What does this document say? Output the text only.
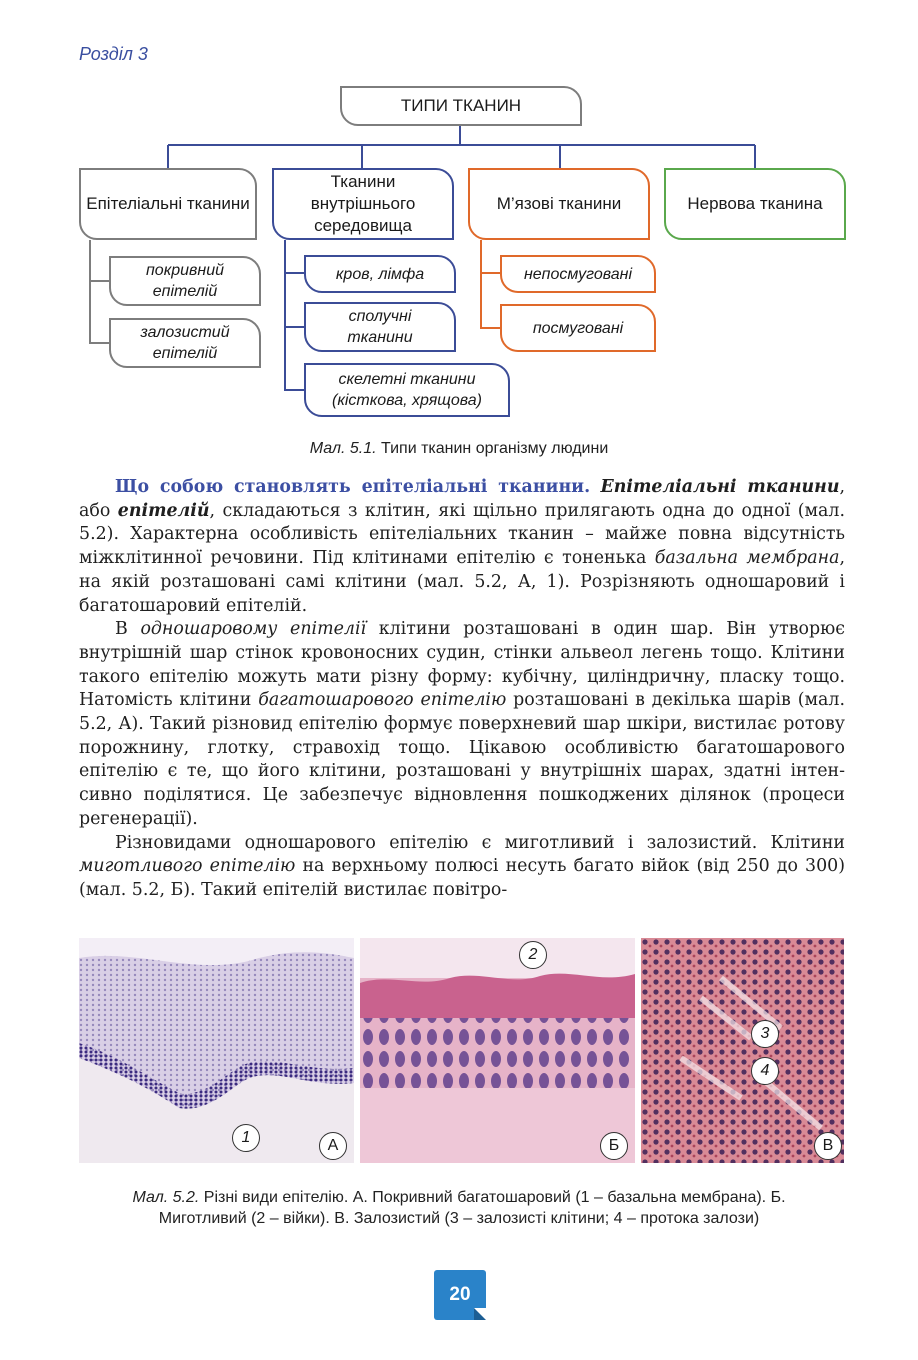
Розділ 3
ТИПИ ТКАНИН
Епітеліальні тканини
Тканини внутрішнього середовища
М’язові тканини	Нервова тканина
покривний епітелій
залозистий епітелій
кров, лімфа
сполучні тканини
скелетні тканини (кісткова, хрящова)
непосмуговані
посмуговані
Мал. 5.1. Типи тканин організму людини

Що собою становлять епітеліальні тканини. Епітеліальні тканини, або епітелій, складаються з клітин, які щільно прилягають одна до одної (мал. 5.2). Характерна особливість епітеліальних тканин – майже повна відсутність міжклітинної речовини. Під клітинами епітелію є тоненька базальна мембрана, на якій розташовані самі клітини (мал. 5.2, А, 1). Розрізняють одношаровий і багатошаровий епітелій.

В одношаровому епітелії клітини розташовані в один шар. Він утворює внутрішній шар стінок кровоносних судин, стінки альвеол легень тощо. Клітини такого епітелію можуть мати різну форму: кубічну, циліндричну, пласку тощо. Натомість клітини багатошарового епітелію розташовані в декілька шарів (мал. 5.2, А). Такий різновид епітелію формує поверхневий шар шкіри, вистилає ротову порожнину, глотку, стравохід тощо. Цікавою особливістю багатошарового епітелію є те, що його клітини, розташовані у внутрішніх шарах, здатні інтенсивно поділятися. Це забезпечує відновлення пошкоджених ділянок (процеси регенерації).

Різновидами одношарового епітелію є миготливий і залозистий. Клітини миготливого епітелію на верхньому полюсі несуть багато війок (від 250 до 300) (мал. 5.2, Б). Такий епітелій вистилає повітро-

1	А
2
Б
3
4
В
Мал. 5.2. Різні види епітелію. А. Покривний багатошаровий (1 – базальна мембрана). Б. Миготливий (2 – війки). В. Залозистий (3 – залозисті клітини; 4 – протока залози)
20
